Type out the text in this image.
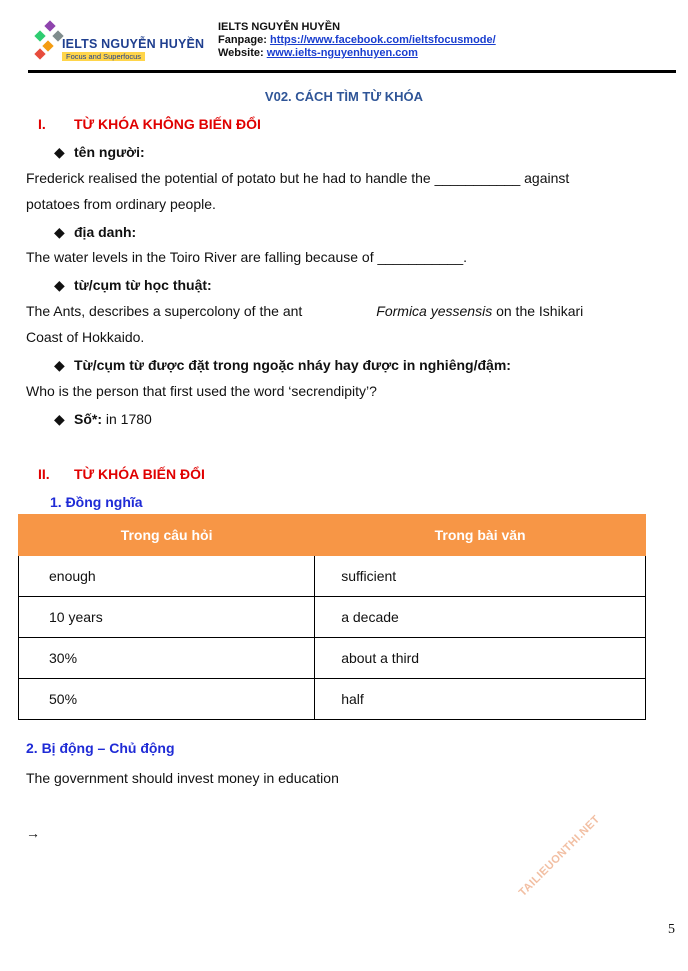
IELTS NGUYỄN HUYỀN
Focus and Superfocus
IELTS NGUYỄN HUYỀN
Fanpage: https://www.facebook.com/ieltsfocusmode/
Website: www.ielts-nguyenhuyen.com
V02. CÁCH TÌM TỪ KHÓA
I. TỪ KHÓA KHÔNG BIẾN ĐỔI
◆ tên người:
Frederick realised the potential of potato but he had to handle the ___________ against
potatoes from ordinary people.
◆ địa danh:
The water levels in the Toiro River are falling because of ___________.
◆ từ/cụm từ học thuật:
The Ants, describes a supercolony of the ant	Formica yessensis on the Ishikari
Coast of Hokkaido.
◆ Từ/cụm từ được đặt trong ngoặc nháy hay được in nghiêng/đậm:
Who is the person that first used the word ‘secrendipity’?
◆ Số*: in 1780
II. TỪ KHÓA BIẾN ĐỔI
1. Đồng nghĩa
Trong câu hỏi	Trong bài văn
enough	sufficient
10 years	a decade
30%	about a third
50%	half
2. Bị động – Chủ động
The government should invest money in education
→	TAILIEUONTHI.NET
5
